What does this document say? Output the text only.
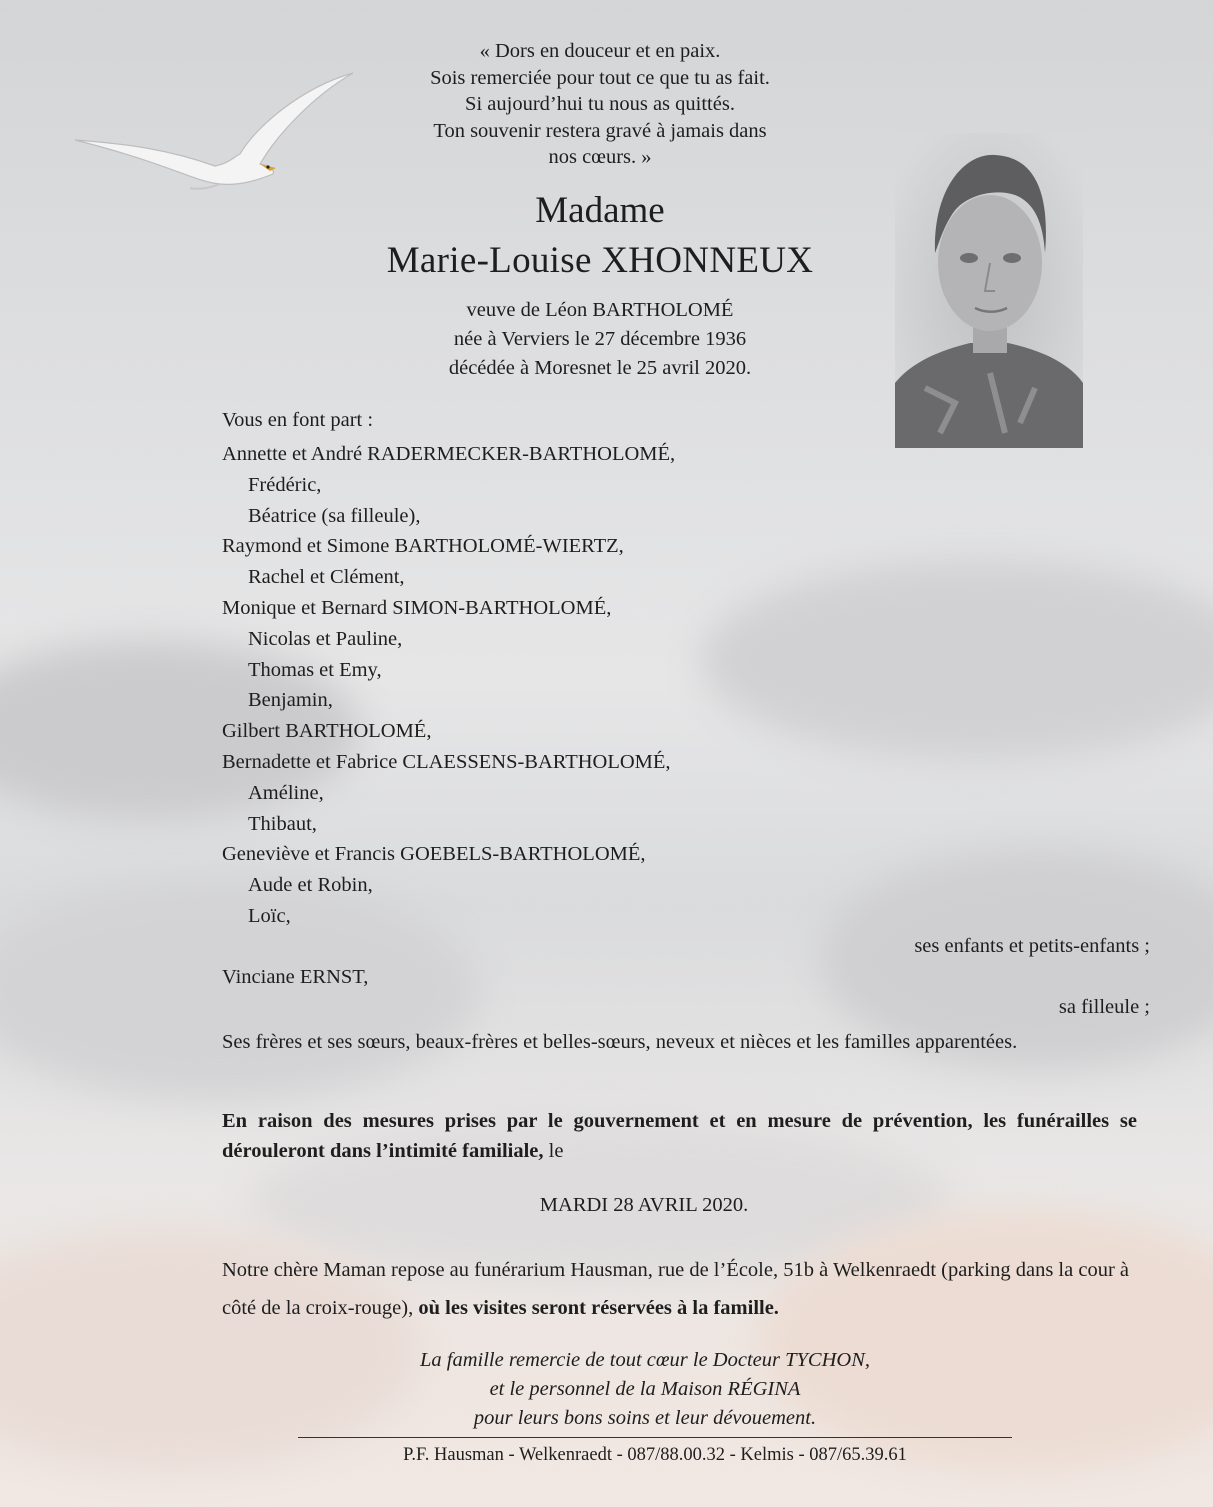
« Dors en douceur et en paix.
Sois remerciée pour tout ce que tu as fait.
Si aujourd’hui tu nous as quittés.
Ton souvenir restera gravé à jamais dans
nos cœurs. »
Madame
Marie-Louise XHONNEUX
veuve de Léon BARTHOLOMÉ
née à Verviers le 27 décembre 1936
décédée à Moresnet le 25 avril 2020.
Vous en font part :
Annette et André RADERMECKER-BARTHOLOMÉ,
Frédéric,
Béatrice (sa filleule),
Raymond et Simone BARTHOLOMÉ-WIERTZ,
Rachel et Clément,
Monique et Bernard SIMON-BARTHOLOMÉ,
Nicolas et Pauline,
Thomas et Emy,
Benjamin,
Gilbert BARTHOLOMÉ,
Bernadette et Fabrice CLAESSENS-BARTHOLOMÉ,
Améline,
Thibaut,
Geneviève et Francis GOEBELS-BARTHOLOMÉ,
Aude et Robin,
Loïc,
ses enfants et petits-enfants ;
Vinciane ERNST,
sa filleule ;
Ses frères et ses sœurs, beaux-frères et belles-sœurs, neveux et nièces et les familles apparentées.
En raison des mesures prises par le gouvernement et en mesure de prévention, les funérailles se dérouleront dans l’intimité familiale, le
MARDI 28 AVRIL 2020.
Notre chère Maman repose au funérarium Hausman, rue de l’École, 51b à Welkenraedt (parking dans la cour à côté de la croix-rouge), où les visites seront réservées à la famille.
La famille remercie de tout cœur le Docteur TYCHON,
et le personnel de la Maison RÉGINA
pour leurs bons soins et leur dévouement.
P.F. Hausman - Welkenraedt - 087/88.00.32 - Kelmis - 087/65.39.61
